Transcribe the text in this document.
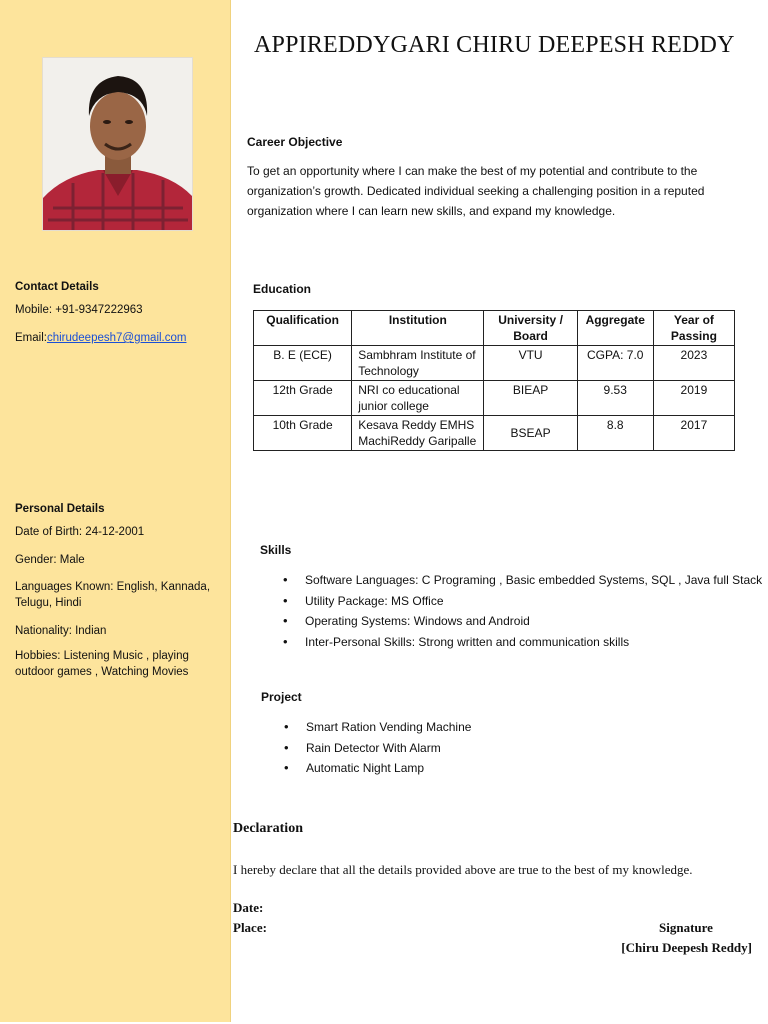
Contact Details
Mobile: +91-9347222963
Email:chirudeepesh7@gmail.com
Personal Details
Date of Birth: 24-12-2001
Gender: Male
Languages Known: English, Kannada, Telugu, Hindi
Nationality: Indian
Hobbies: Listening Music , playing outdoor games , Watching Movies
APPIREDDYGARI CHIRU DEEPESH REDDY
Career Objective
To get an opportunity where I can make the best of my potential and contribute to the organization’s growth. Dedicated individual seeking a challenging position in a reputed organization where I can learn new skills, and expand my knowledge.
Education
Qualification	Institution	University / Board	Aggregate	Year of Passing
B. E (ECE)	Sambhram Institute of Technology	VTU	CGPA: 7.0	2023
12th Grade	NRI co educational junior college	BIEAP	9.53	2019
10th Grade	Kesava Reddy EMHS MachiReddy Garipalle	BSEAP	8.8	2017
Skills
• Software Languages: C Programing , Basic embedded Systems, SQL , Java full Stack
• Utility Package: MS Office
• Operating Systems: Windows and Android
• Inter-Personal Skills: Strong written and communication skills
Project
• Smart Ration Vending Machine
• Rain Detector With Alarm
• Automatic Night Lamp
Declaration
I hereby declare that all the details provided above are true to the best of my knowledge.
Date:
Place:	Signature
[Chiru Deepesh Reddy]
